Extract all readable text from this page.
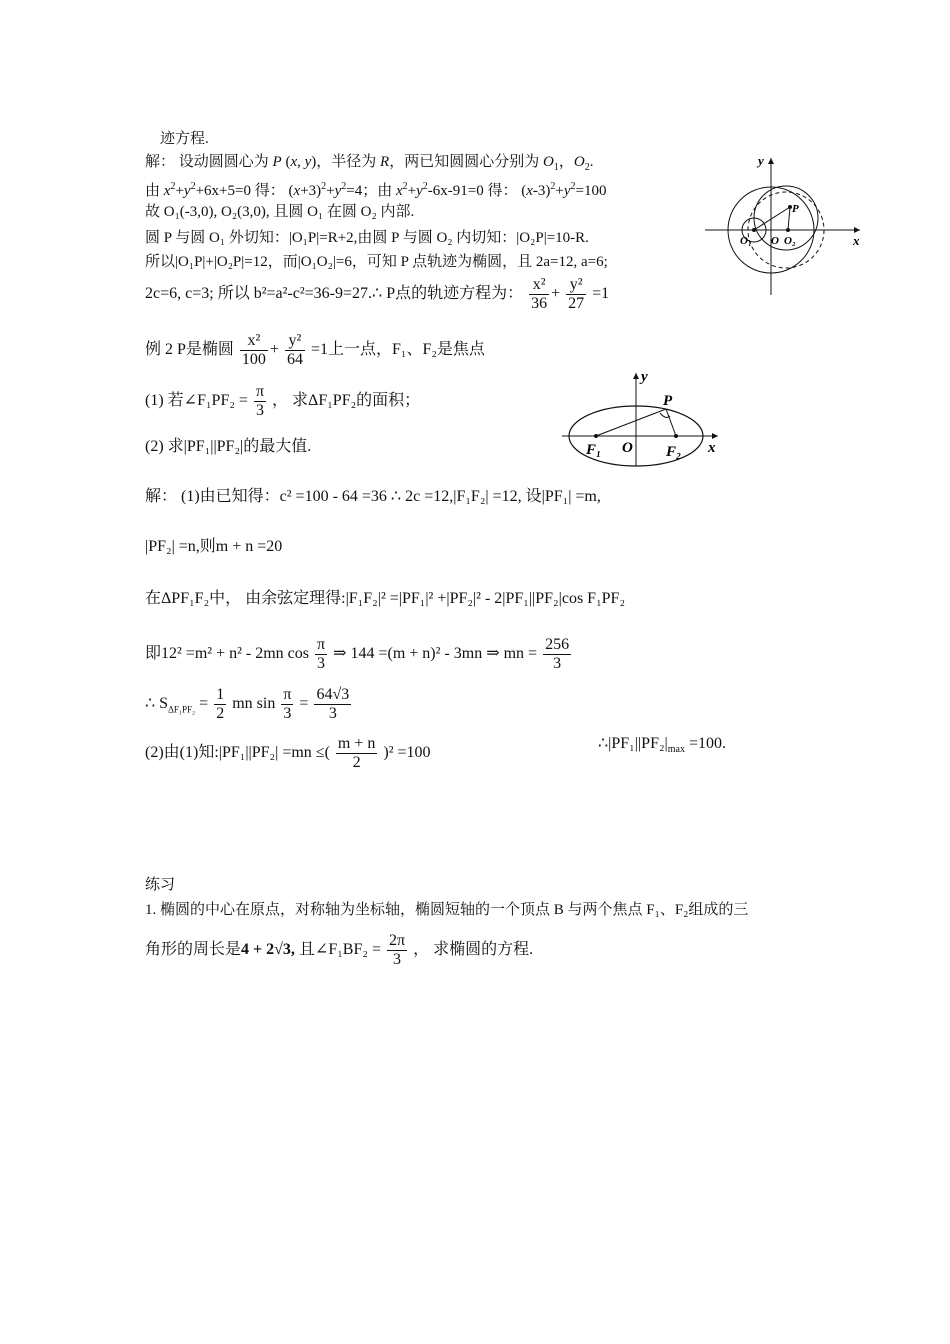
迹方程.
解： 设动圆圆心为 P (x, y)，半径为 R，两已知圆圆心分别为 $O_1$，$O_2$.
由 $x^2+y^2+6x+5=0$ 得： $(x+3)^2+y^2=4$；由 $x^2+y^2-6x-91=0$ 得： $(x-3)^2+y^2=100$
故 O₁(-3,0), O₂(3,0), 且圆 O₁ 在圆 O₂ 内部.
圆 P 与圆 O₁ 外切知：|O₁P|=R+2,由圆 P 与圆 O₂ 内切知：|O₂P|=10-R.
所以|O₁P|+|O₂P|=12，而|O₁O₂|=6，可知 P 点轨迹为椭圆，且 2a=12, a=6;
2c=6, c=3; 所以 b²=a²-c²=36-9=27.∴ P点的轨迹方程为： $\frac{\text{x²}}{36} + \frac{\text{y²}}{27} =1$
y
x
P
O₁ O O₂
例 2 P是椭圆 $\frac{\text{x²}}{100} + \frac{\text{y²}}{64} =1$上一点，F₁、F₂是焦点
(1) 若∠F₁PF₂ = $\frac{\pi}{3}$ ， 求ΔF₁PF₂的面积；
(2) 求|PF₁||PF₂|的最大值.
y
x
P
F₁ O F₂
解： (1)由已知得：c² =100 - 64 =36 ∴ 2c =12,|F₁F₂| =12, 设|PF₁| =m,
|PF₂| =n,则m + n =20
在ΔPF₁F₂中， 由余弦定理得:|F₁F₂|² =|PF₁|² +|PF₂|² - 2|PF₁||PF₂|cos F₁PF₂
即12² =m² + n² - 2mn $\cos \frac{\pi}{3}$ ⇒ 144 =(m + n)² - 3mn ⇒ mn = $\frac{256}{3}$
∴ $S_{\Delta F_1PF_2} = \frac{1}{2}$ mn $\sin \frac{\pi}{3} = \frac{64√3}{3}$
(2)由(1)知:|PF₁||PF₂| =mn ≤( $\frac{m + n}{2} )^2 =100$
$\therefore|PF_1||PF_2|_{max} =100$.
练习
1. 椭圆的中心在原点，对称轴为坐标轴，椭圆短轴的一个顶点 B 与两个焦点 F₁、F₂组成的三
角形的周长是4 + 2√3, 且∠F₁BF₂ = $\frac{2\pi}{3}$ ， 求椭圆的方程.
